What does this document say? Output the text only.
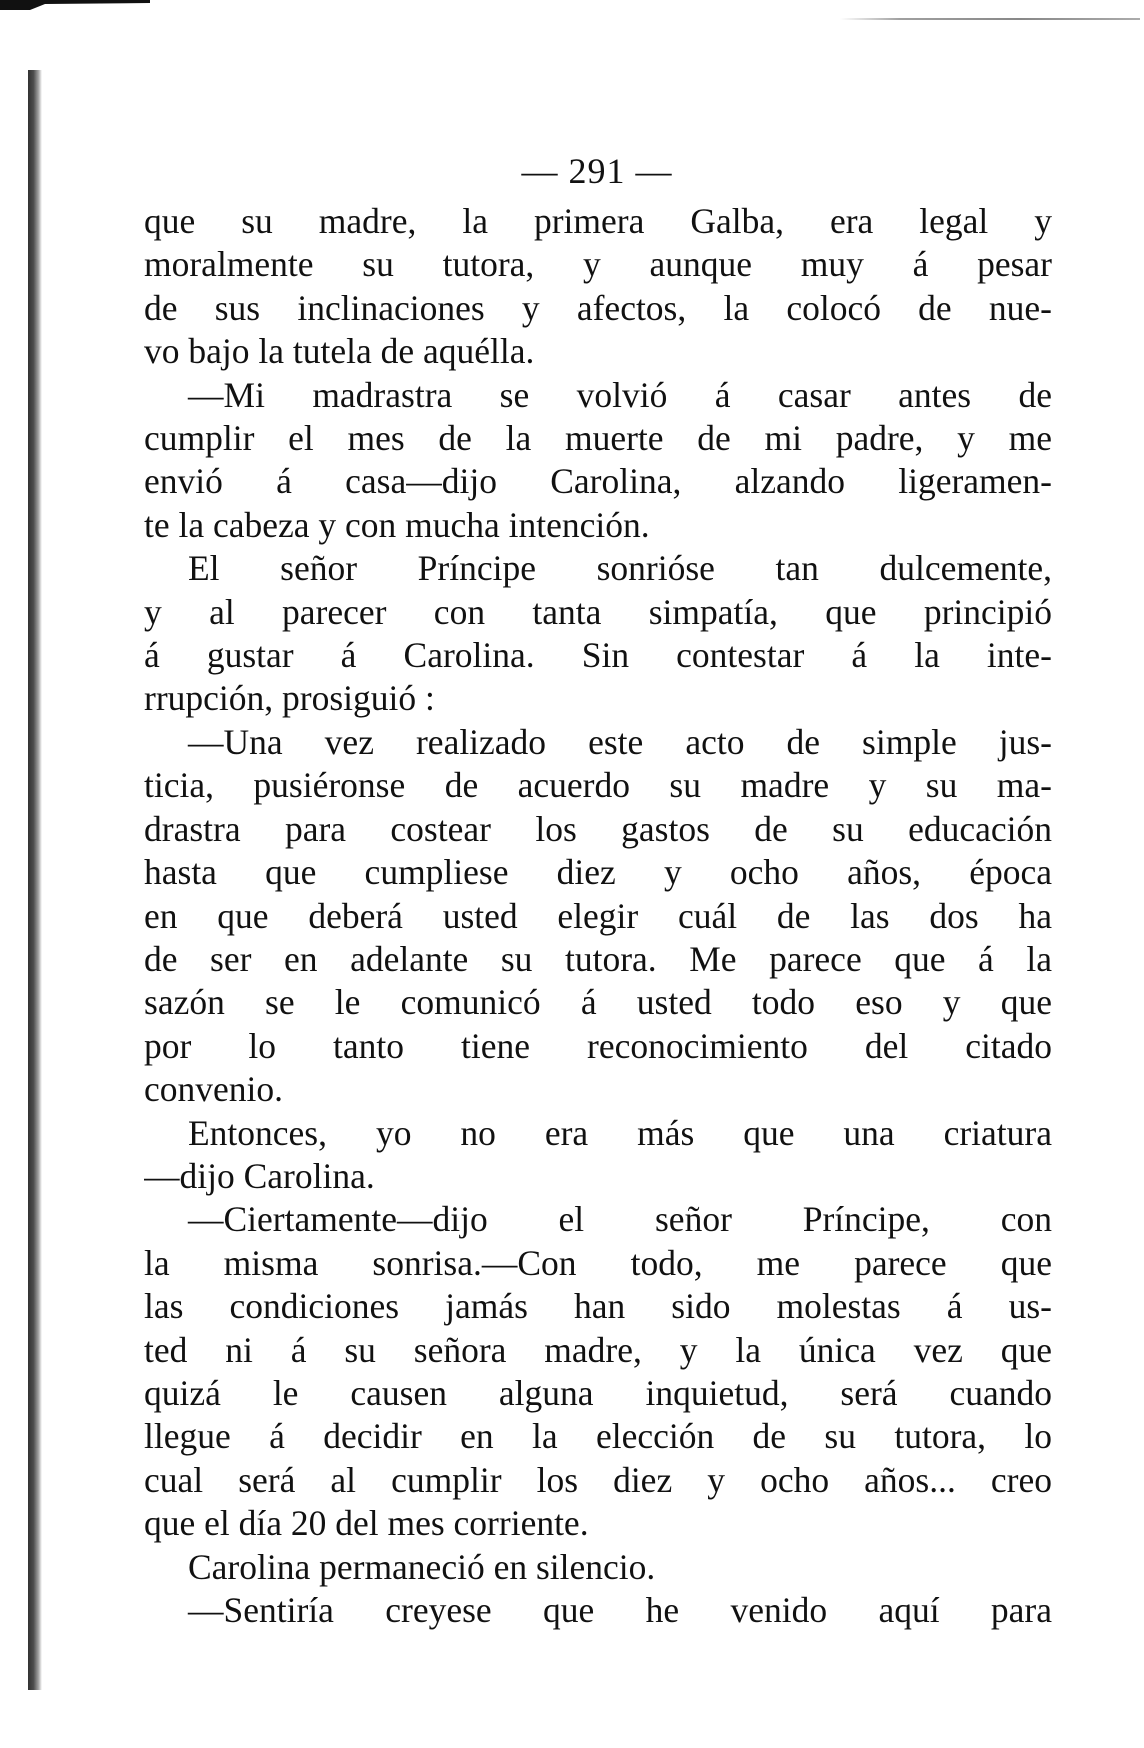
— 291 —
que su madre, la primera Galba, era legal y
moralmente su tutora, y aunque muy á pesar
de sus inclinaciones y afectos, la colocó de nue-
vo bajo la tutela de aquélla.
—Mi madrastra se volvió á casar antes de
cumplir el mes de la muerte de mi padre, y me
envió á casa—dijo Carolina, alzando ligeramen-
te la cabeza y con mucha intención.
El señor Príncipe sonrióse tan dulcemente,
y al parecer con tanta simpatía, que principió
á gustar á Carolina. Sin contestar á la inte-
rrupción, prosiguió :
—Una vez realizado este acto de simple jus-
ticia, pusiéronse de acuerdo su madre y su ma-
drastra para costear los gastos de su educación
hasta que cumpliese diez y ocho años, época
en que deberá usted elegir cuál de las dos ha
de ser en adelante su tutora. Me parece que á la
sazón se le comunicó á usted todo eso y que
por lo tanto tiene reconocimiento del citado
convenio.
Entonces, yo no era más que una criatura
—dijo Carolina.
—Ciertamente—dijo el señor Príncipe, con
la misma sonrisa.—Con todo, me parece que
las condiciones jamás han sido molestas á us-
ted ni á su señora madre, y la única vez que
quizá le causen alguna inquietud, será cuando
llegue á decidir en la elección de su tutora, lo
cual será al cumplir los diez y ocho años... creo
que el día 20 del mes corriente.
Carolina permaneció en silencio.
—Sentiría creyese que he venido aquí para
